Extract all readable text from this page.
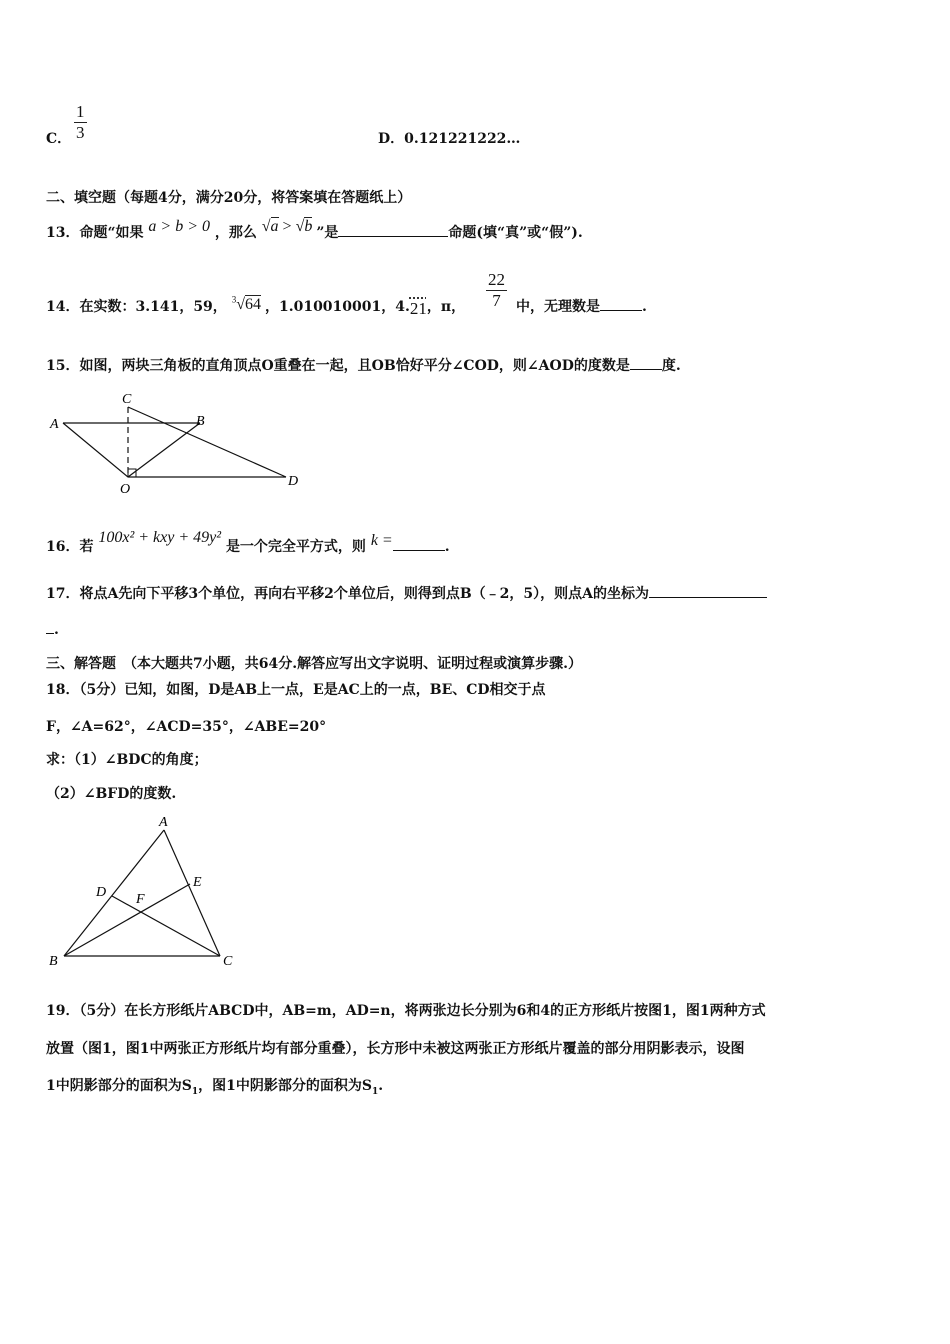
C． $\frac{1}{3}$	D．0.121221222…
二、填空题（每题4分，满分20分，将答案填在答题纸上）
13．命题“如果 a > b > 0 ，那么 √a > √b ”是	命题(填“真”或“假”).
14．在实数：3.141，59， $^3$√64 ，1.010010001，4.21，π， $\frac{22}{7}$ 中，无理数是	.
15．如图，两块三角板的直角顶点O重叠在一起，且OB恰好平分∠COD，则∠AOD的度数是 度.
A
C
B
D
O
16．若 100x² + kxy + 49y² 是一个完全平方式，则 k =	.
17．将点A先向下平移3个单位，再向右平移2个单位后，则得到点B（﹣2，5），则点A的坐标为
.
三、解答题　（本大题共7小题，共64分.解答应写出文字说明、证明过程或演算步骤.）
18．（5分）已知，如图，D是AB上一点，E是AC上的一点，BE、CD相交于点
F，∠A=62°，∠ACD=35°，∠ABE=20°
求：（1）∠BDC的角度；
（2）∠BFD的度数.
A
D
E
F
B	C
19．（5分）在长方形纸片ABCD中，AB=m，AD=n，将两张边长分别为6和4的正方形纸片按图1，图1两种方式
放置（图1，图1中两张正方形纸片均有部分重叠），长方形中未被这两张正方形纸片覆盖的部分用阴影表示，设图
1中阴影部分的面积为$S_1$，图1中阴影部分的面积为$S_1$.
